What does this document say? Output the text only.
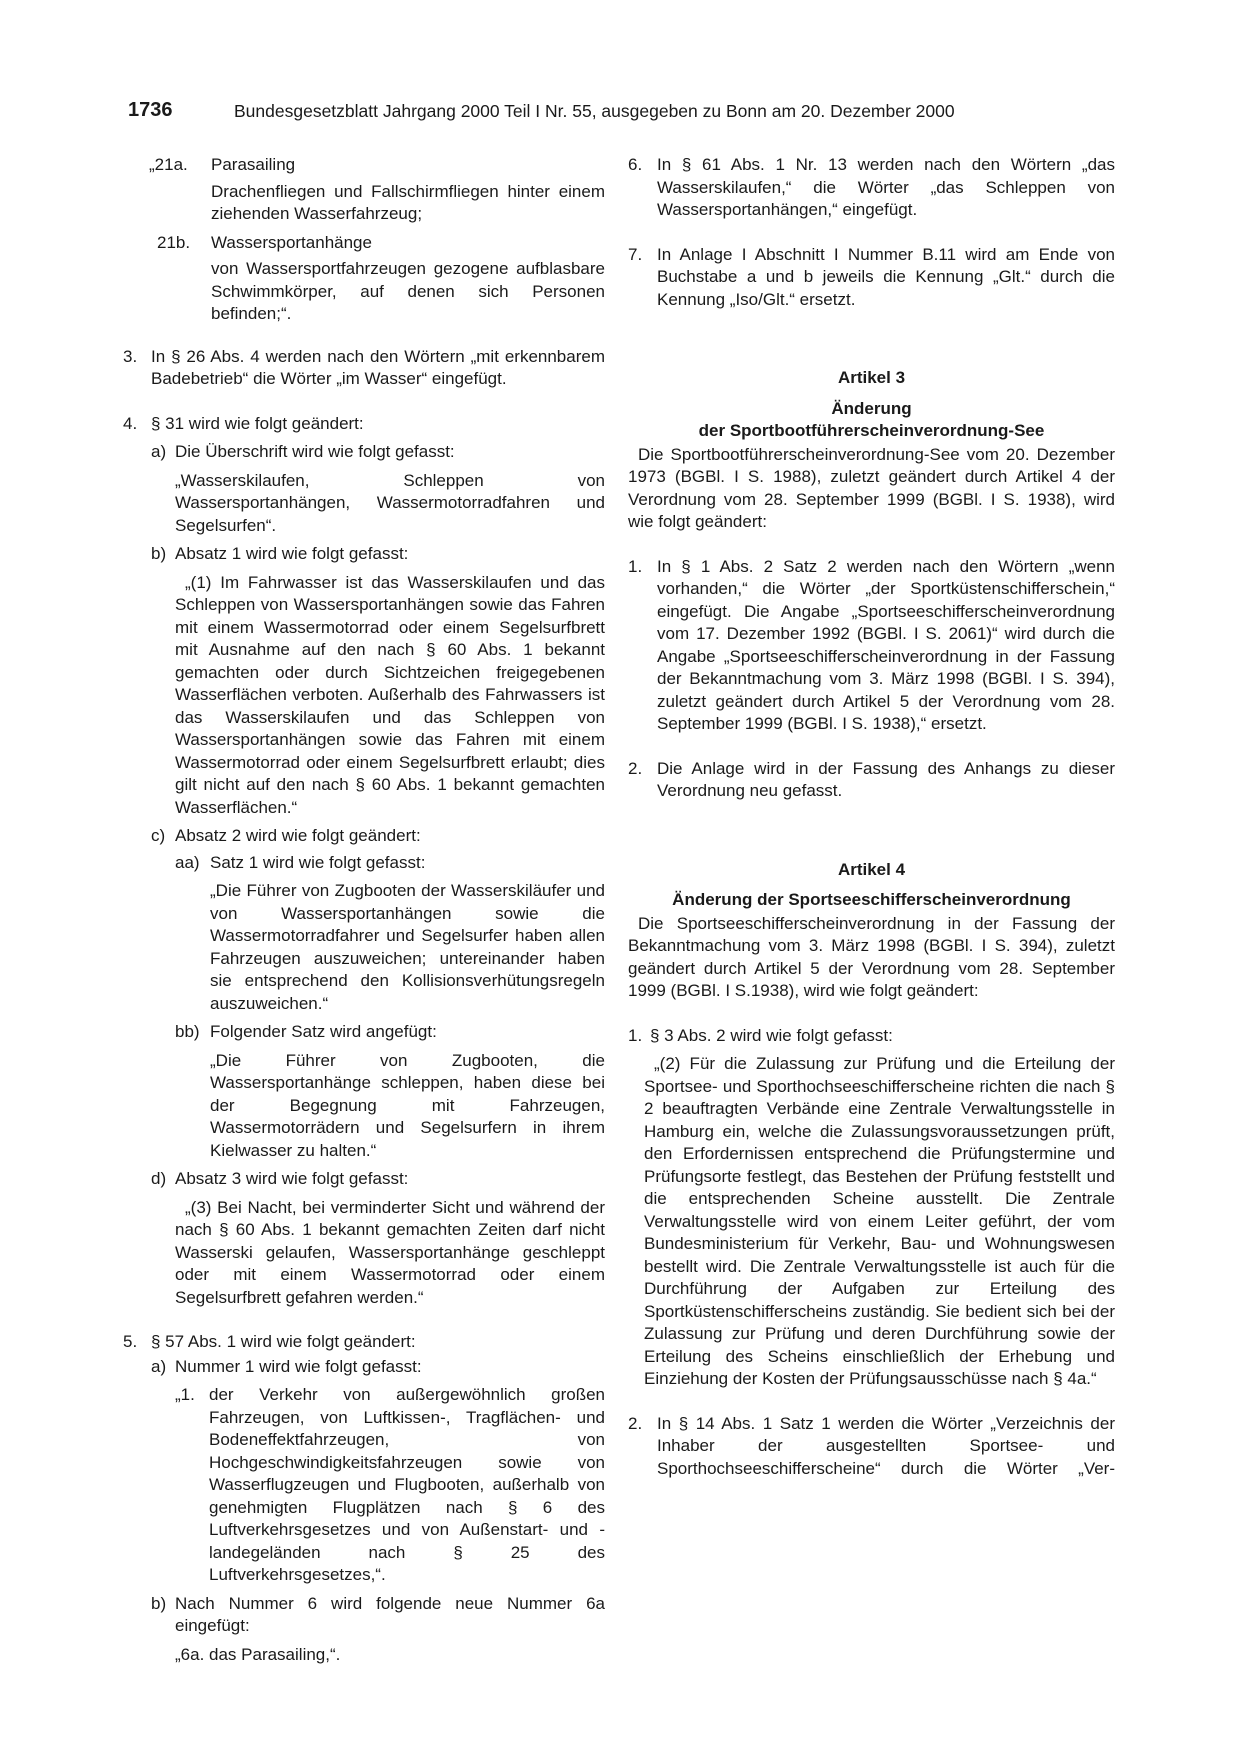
1736	Bundesgesetzblatt Jahrgang 2000 Teil I Nr. 55, ausgegeben zu Bonn am 20. Dezember 2000
„21a. Parasailing

Drachenfliegen und Fallschirmfliegen hinter einem ziehenden Wasserfahrzeug;

21b. Wassersportanhänge

von Wassersportfahrzeugen gezogene aufblasbare Schwimmkörper, auf denen sich Personen befinden;“.

3. In § 26 Abs. 4 werden nach den Wörtern „mit erkennbarem Badebetrieb“ die Wörter „im Wasser“ eingefügt.

4. § 31 wird wie folgt geändert:

a) Die Überschrift wird wie folgt gefasst:

„Wasserskilaufen, Schleppen von Wassersportanhängen, Wassermotorradfahren und Segelsurfen“.

b) Absatz 1 wird wie folgt gefasst:

„(1) Im Fahrwasser ist das Wasserskilaufen und das Schleppen von Wassersportanhängen sowie das Fahren mit einem Wassermotorrad oder einem Segelsurfbrett mit Ausnahme auf den nach § 60 Abs. 1 bekannt gemachten oder durch Sichtzeichen freigegebenen Wasserflächen verboten. Außerhalb des Fahrwassers ist das Wasserskilaufen und das Schleppen von Wassersportanhängen sowie das Fahren mit einem Wassermotorrad oder einem Segelsurfbrett erlaubt; dies gilt nicht auf den nach § 60 Abs. 1 bekannt gemachten Wasserflächen.“

c) Absatz 2 wird wie folgt geändert:

aa) Satz 1 wird wie folgt gefasst:

„Die Führer von Zugbooten der Wasserskiläufer und von Wassersportanhängen sowie die Wassermotorradfahrer und Segelsurfer haben allen Fahrzeugen auszuweichen; untereinander haben sie entsprechend den Kollisionsverhütungsregeln auszuweichen.“

bb) Folgender Satz wird angefügt:

„Die Führer von Zugbooten, die Wassersportanhänge schleppen, haben diese bei der Begegnung mit Fahrzeugen, Wassermotorrädern und Segelsurfern in ihrem Kielwasser zu halten.“

d) Absatz 3 wird wie folgt gefasst:

„(3) Bei Nacht, bei verminderter Sicht und während der nach § 60 Abs. 1 bekannt gemachten Zeiten darf nicht Wasserski gelaufen, Wassersportanhänge geschleppt oder mit einem Wassermotorrad oder einem Segelsurfbrett gefahren werden.“

5. § 57 Abs. 1 wird wie folgt geändert:

a) Nummer 1 wird wie folgt gefasst:

„1. der Verkehr von außergewöhnlich großen Fahrzeugen, von Luftkissen-, Tragflächen- und Bodeneffektfahrzeugen, von Hochgeschwindigkeitsfahrzeugen sowie von Wasserflugzeugen und Flugbooten, außerhalb von genehmigten Flugplätzen nach § 6 des Luftverkehrsgesetzes und von Außenstart- und -landegeländen nach § 25 des Luftverkehrsgesetzes,“.

b) Nach Nummer 6 wird folgende neue Nummer 6a eingefügt:

„6a. das Parasailing,“.

6. In § 61 Abs. 1 Nr. 13 werden nach den Wörtern „das Wasserskilaufen,“ die Wörter „das Schleppen von Wassersportanhängen,“ eingefügt.

7. In Anlage I Abschnitt I Nummer B.11 wird am Ende von Buchstabe a und b jeweils die Kennung „Glt.“ durch die Kennung „Iso/Glt.“ ersetzt.

Artikel 3

Änderung

der Sportbootführerscheinverordnung-See

Die Sportbootführerscheinverordnung-See vom 20. Dezember 1973 (BGBl. I S. 1988), zuletzt geändert durch Artikel 4 der Verordnung vom 28. September 1999 (BGBl. I S. 1938), wird wie folgt geändert:

1. In § 1 Abs. 2 Satz 2 werden nach den Wörtern „wenn vorhanden,“ die Wörter „der Sportküstenschifferschein,“ eingefügt. Die Angabe „Sportseeschifferscheinverordnung vom 17. Dezember 1992 (BGBl. I S. 2061)“ wird durch die Angabe „Sportseeschifferscheinverordnung in der Fassung der Bekanntmachung vom 3. März 1998 (BGBl. I S. 394), zuletzt geändert durch Artikel 5 der Verordnung vom 28. September 1999 (BGBl. I S. 1938),“ ersetzt.

2. Die Anlage wird in der Fassung des Anhangs zu dieser Verordnung neu gefasst.

Artikel 4

Änderung der Sportseeschifferscheinverordnung

Die Sportseeschifferscheinverordnung in der Fassung der Bekanntmachung vom 3. März 1998 (BGBl. I S. 394), zuletzt geändert durch Artikel 5 der Verordnung vom 28. September 1999 (BGBl. I S.1938), wird wie folgt geändert:

1. § 3 Abs. 2 wird wie folgt gefasst:

„(2) Für die Zulassung zur Prüfung und die Erteilung der Sportsee- und Sporthochseeschifferscheine richten die nach § 2 beauftragten Verbände eine Zentrale Verwaltungsstelle in Hamburg ein, welche die Zulassungsvoraussetzungen prüft, den Erfordernissen entsprechend die Prüfungstermine und Prüfungsorte festlegt, das Bestehen der Prüfung feststellt und die entsprechenden Scheine ausstellt. Die Zentrale Verwaltungsstelle wird von einem Leiter geführt, der vom Bundesministerium für Verkehr, Bau- und Wohnungswesen bestellt wird. Die Zentrale Verwaltungsstelle ist auch für die Durchführung der Aufgaben zur Erteilung des Sportküstenschifferscheins zuständig. Sie bedient sich bei der Zulassung zur Prüfung und deren Durchführung sowie der Erteilung des Scheins einschließlich der Erhebung und Einziehung der Kosten der Prüfungsausschüsse nach § 4a.“

2. In § 14 Abs. 1 Satz 1 werden die Wörter „Verzeichnis der Inhaber der ausgestellten Sportsee- und Sporthochseeschifferscheine“ durch die Wörter „Ver-
